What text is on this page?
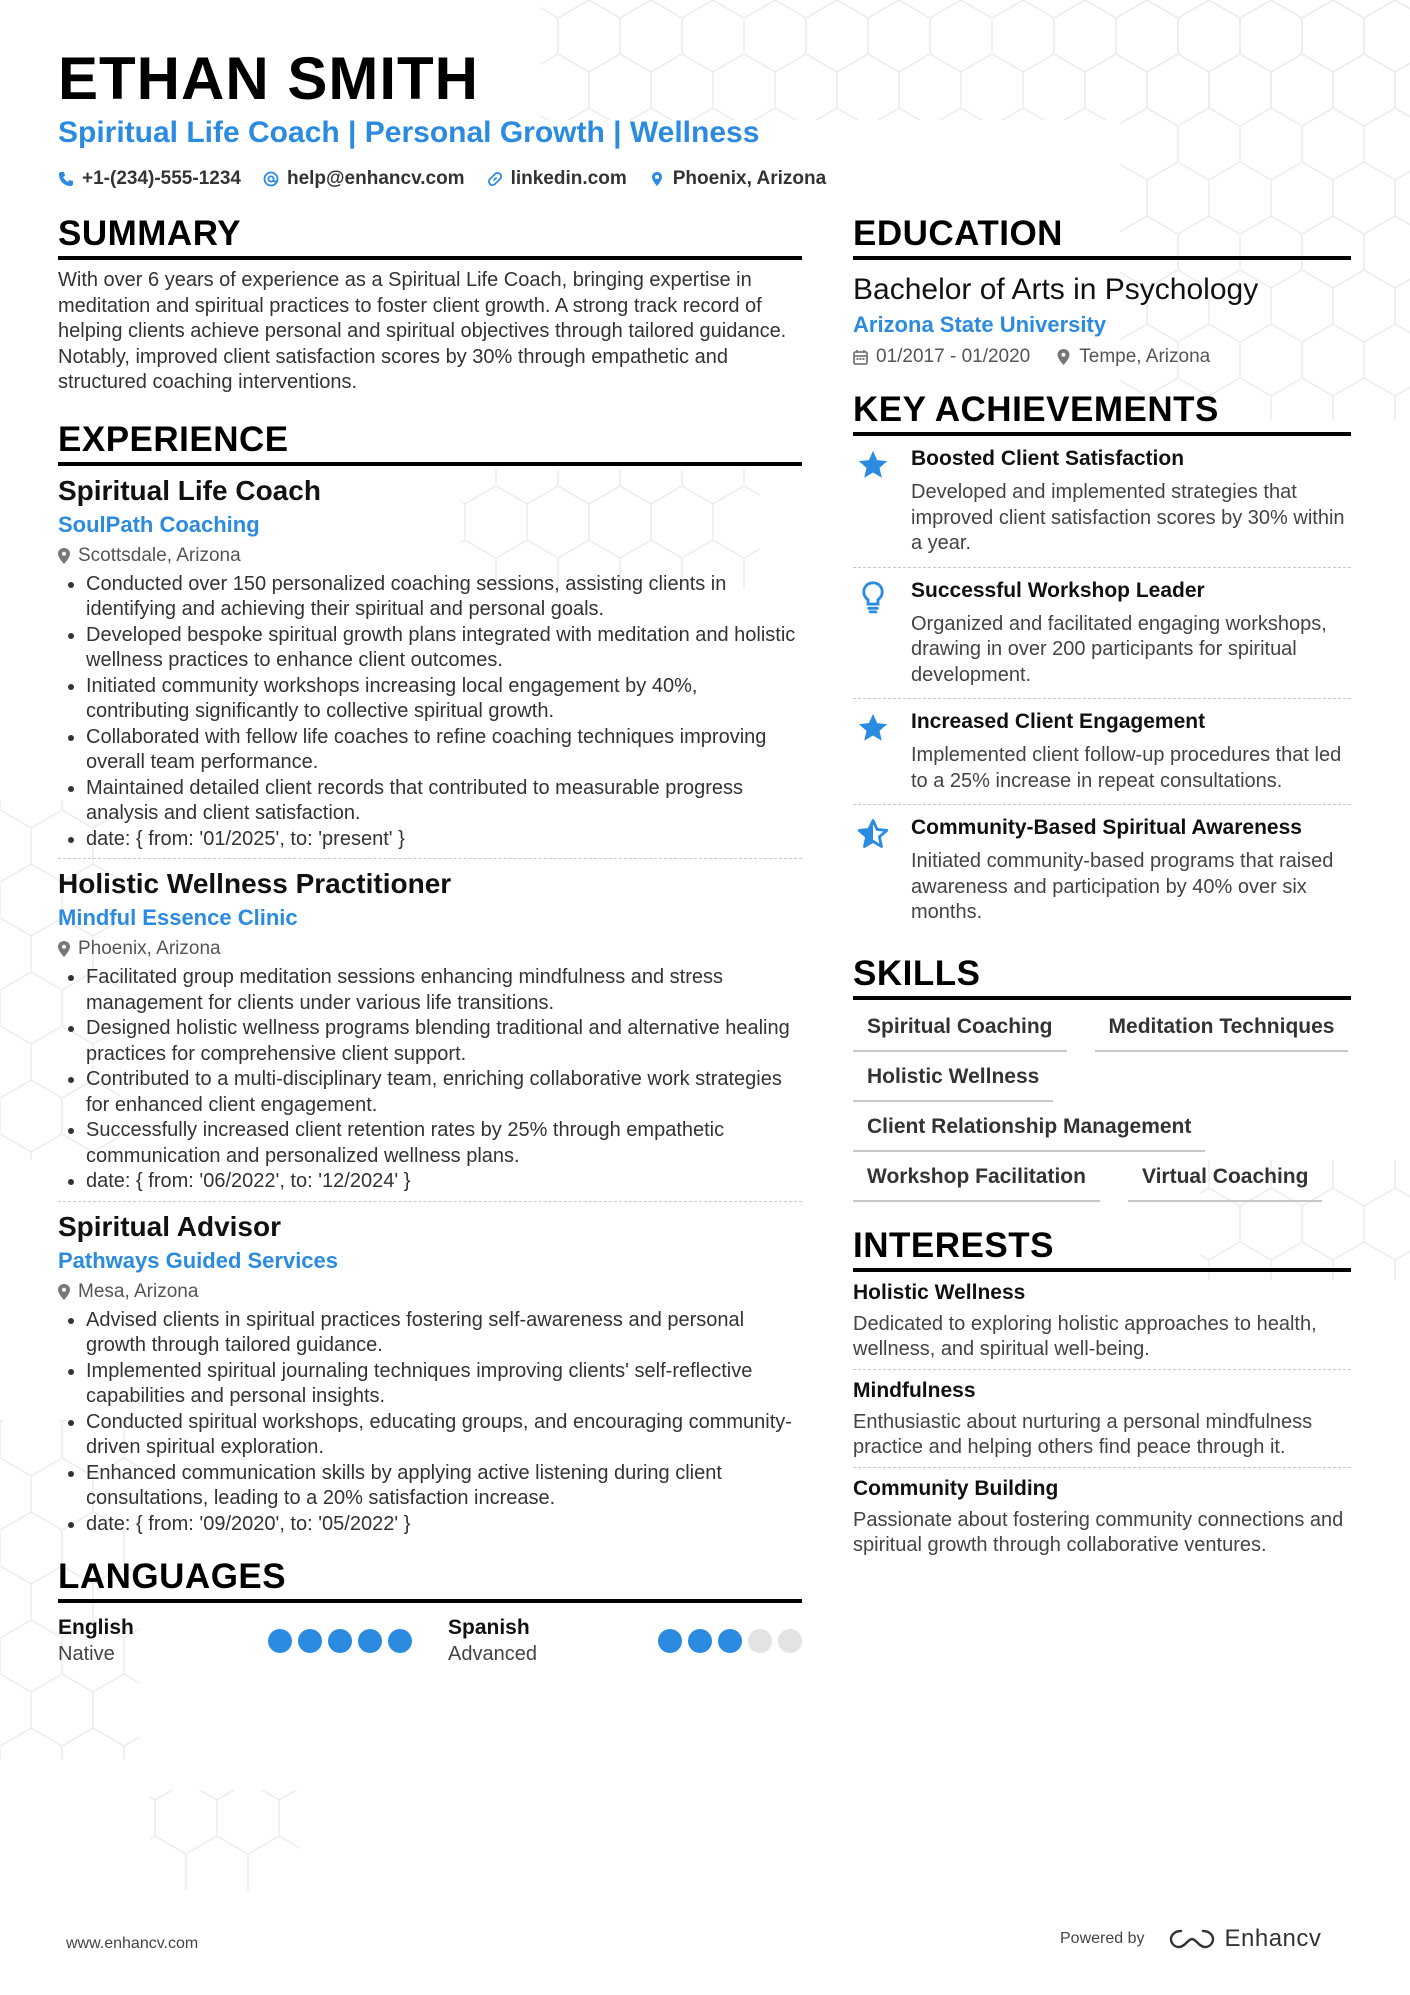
ETHAN SMITH

Spiritual Life Coach | Personal Growth | Wellness

+1-(234)-555-1234 help@enhancv.com linkedin.com Phoenix, Arizona
SUMMARY

With over 6 years of experience as a Spiritual Life Coach, bringing expertise in meditation and spiritual practices to foster client growth. A strong track record of helping clients achieve personal and spiritual objectives through tailored guidance. Notably, improved client satisfaction scores by 30% through empathetic and structured coaching interventions.

EXPERIENCE
Spiritual Life Coach
SoulPath Coaching
Scottsdale, Arizona
• Conducted over 150 personalized coaching sessions, assisting clients in identifying and achieving their spiritual and personal goals.
• Developed bespoke spiritual growth plans integrated with meditation and holistic wellness practices to enhance client outcomes.
• Initiated community workshops increasing local engagement by 40%, contributing significantly to collective spiritual growth.
• Collaborated with fellow life coaches to refine coaching techniques improving overall team performance.
• Maintained detailed client records that contributed to measurable progress analysis and client satisfaction.
• date: { from: '01/2025', to: 'present' }
Holistic Wellness Practitioner
Mindful Essence Clinic
Phoenix, Arizona
• Facilitated group meditation sessions enhancing mindfulness and stress management for clients under various life transitions.
• Designed holistic wellness programs blending traditional and alternative healing practices for comprehensive client support.
• Contributed to a multi-disciplinary team, enriching collaborative work strategies for enhanced client engagement.
• Successfully increased client retention rates by 25% through empathetic communication and personalized wellness plans.
• date: { from: '06/2022', to: '12/2024' }
Spiritual Advisor
Pathways Guided Services
Mesa, Arizona
• Advised clients in spiritual practices fostering self-awareness and personal growth through tailored guidance.
• Implemented spiritual journaling techniques improving clients' self-reflective capabilities and personal insights.
• Conducted spiritual workshops, educating groups, and encouraging community-driven spiritual exploration.
• Enhanced communication skills by applying active listening during client consultations, leading to a 20% satisfaction increase.
• date: { from: '09/2020', to: '05/2022' }
LANGUAGES
English
Native
Spanish
Advanced
EDUCATION
Bachelor of Arts in Psychology
Arizona State University
01/2017 - 01/2020	Tempe, Arizona
KEY ACHIEVEMENTS

Boosted Client Satisfaction

Developed and implemented strategies that improved client satisfaction scores by 30% within a year.

Successful Workshop Leader

Organized and facilitated engaging workshops, drawing in over 200 participants for spiritual development.

Increased Client Engagement

Implemented client follow-up procedures that led to a 25% increase in repeat consultations.

Community-Based Spiritual Awareness

Initiated community-based programs that raised awareness and participation by 40% over six months.

SKILLS
Spiritual Coaching	Meditation Techniques
Holistic Wellness
Client Relationship Management
Workshop Facilitation	Virtual Coaching
INTERESTS

Holistic Wellness

Dedicated to exploring holistic approaches to health, wellness, and spiritual well-being.

Mindfulness

Enthusiastic about nurturing a personal mindfulness practice and helping others find peace through it.

Community Building

Passionate about fostering community connections and spiritual growth through collaborative ventures.

www.enhancv.com	Powered by	Enhancv
